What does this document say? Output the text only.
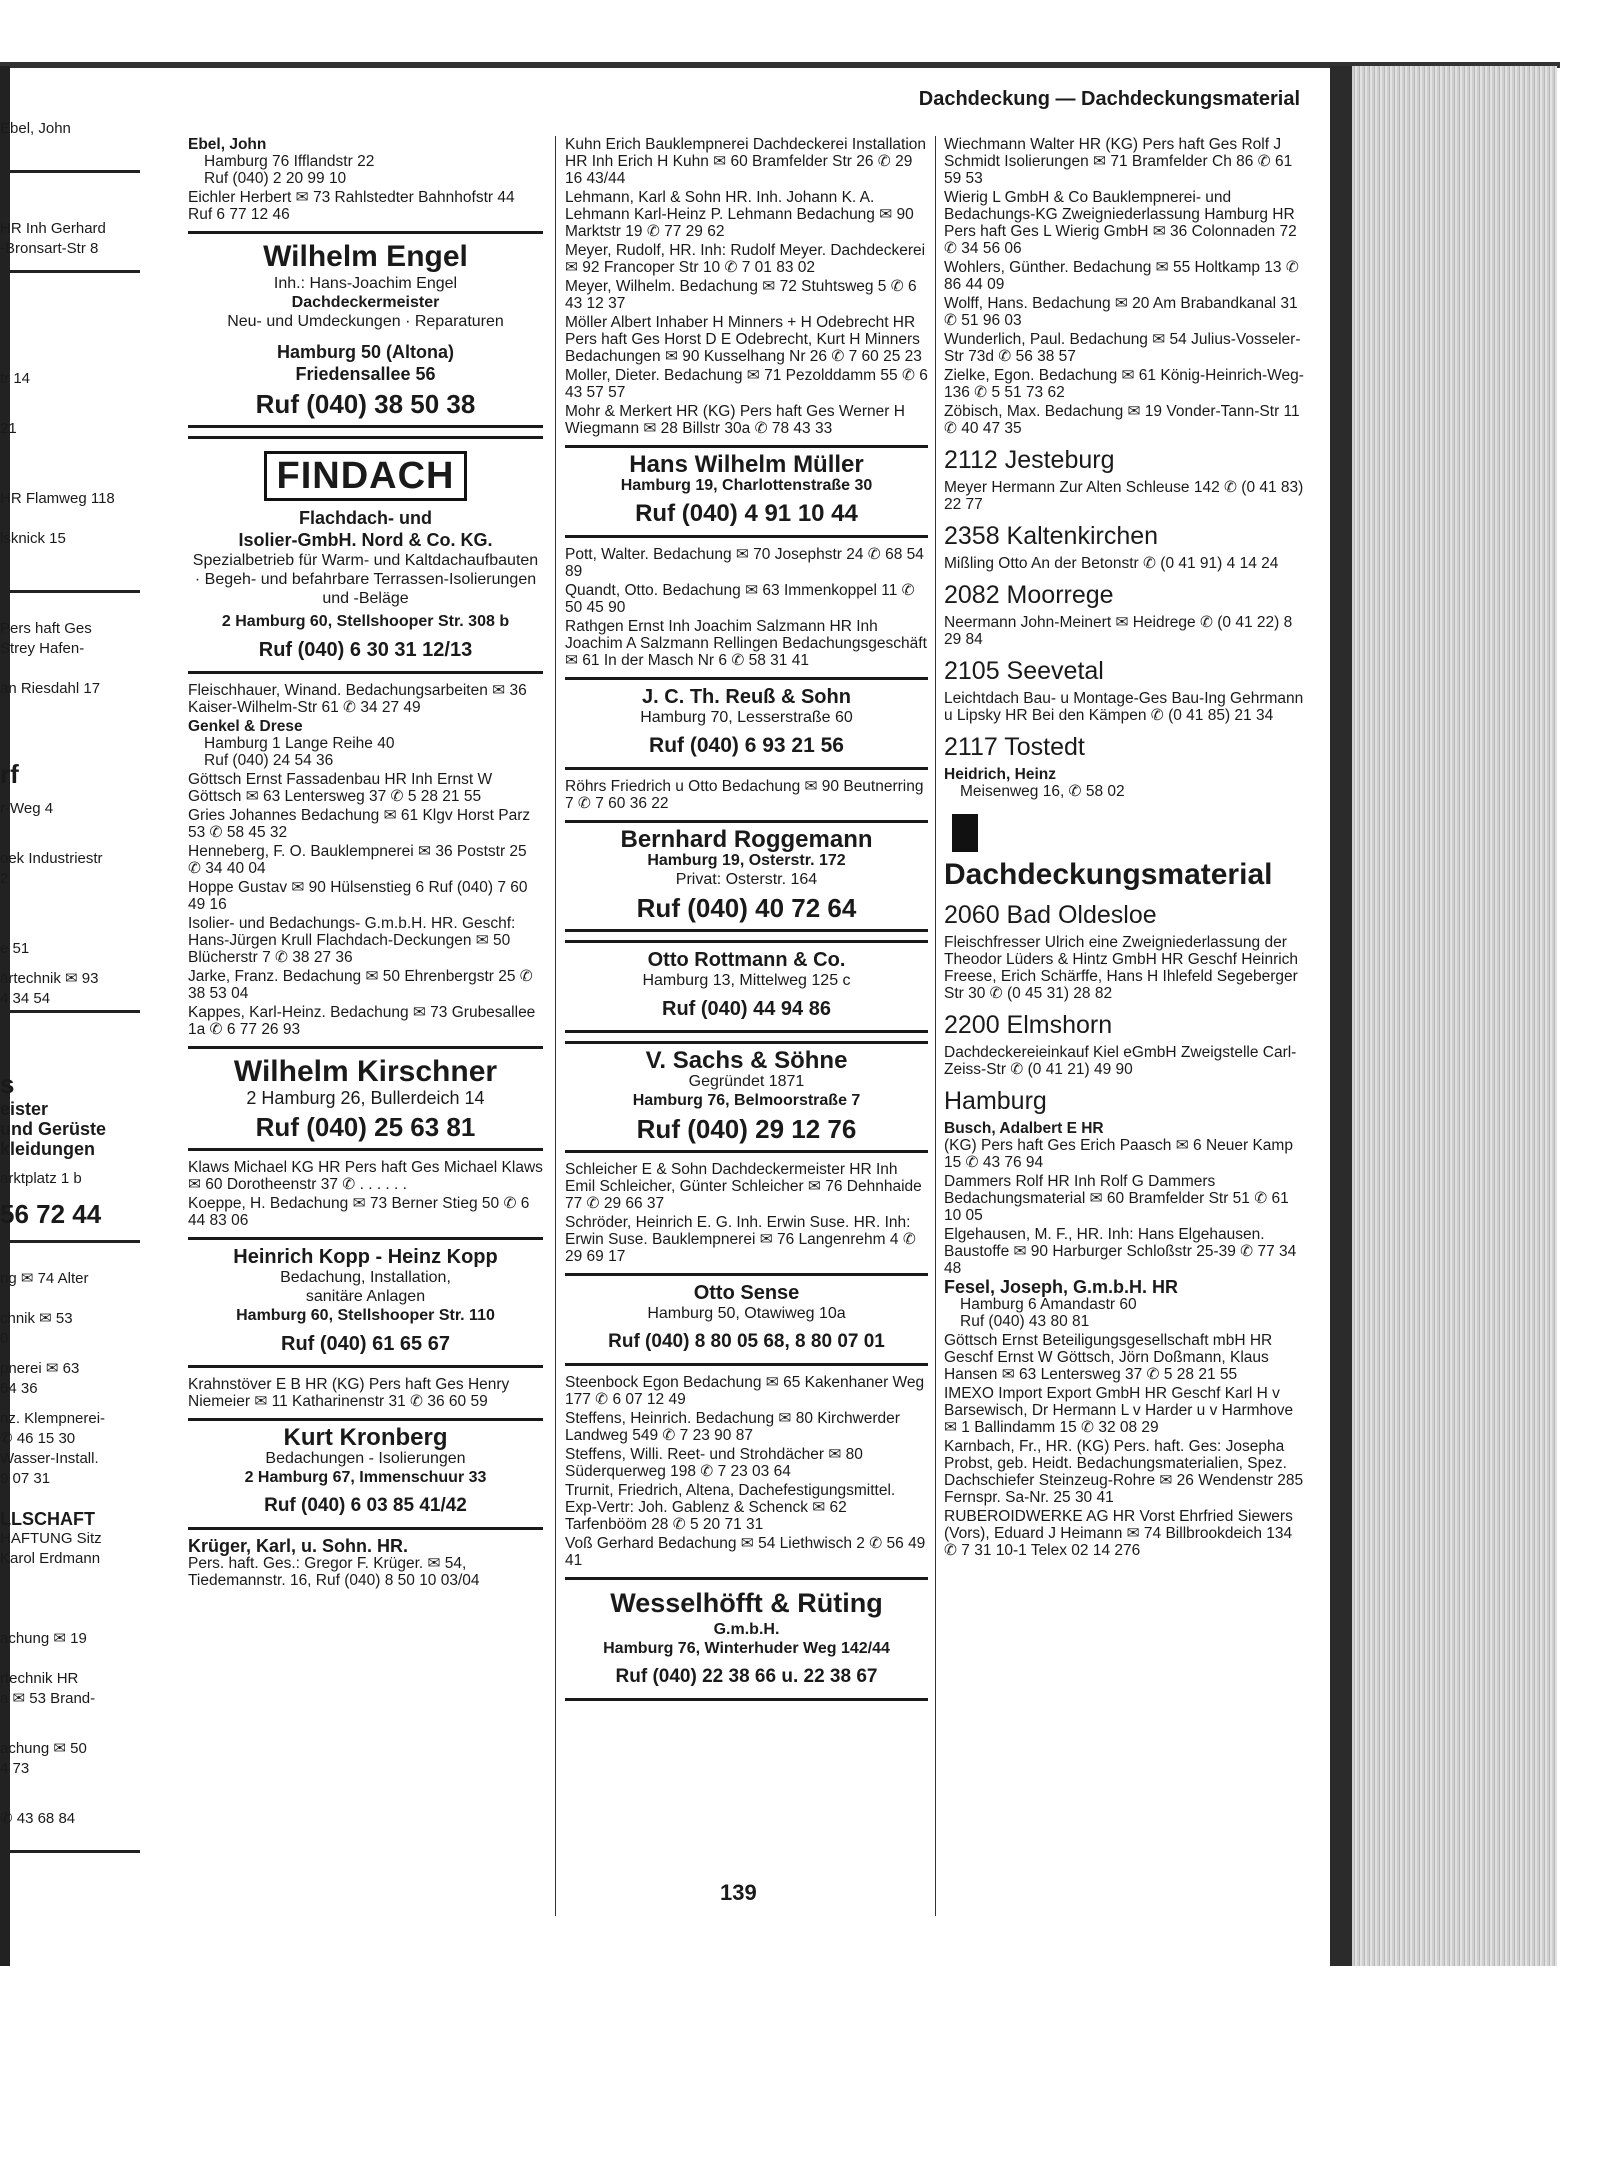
Ebel, John
HR Inh Gerhard
-Bronsart-Str 8
tr 14
21
HR Flamweg 118
lsknick 15
Pers haft Ges
Strey Hafen-
an Riesdahl 17
rf
r-Weg 4
oek Industriestr
2
e 51
ärtechnik ✉ 93
4 34 54
s
eister
und Gerüste
kleidungen
arktplatz 1 b
56 72 44
ng ✉ 74 Alter
chnik ✉ 53
0
pnerei ✉ 63
64 36
nz. Klempnerei-
✆ 46 15 30
Wasser-Install.
9 07 31
LLSCHAFT
HAFTUNG Sitz
Karol Erdmann
achung ✉ 19
rtechnik HR
a ✉ 53 Brand-
achung ✉ 50
4 73
✆ 43 68 84
Dachdeckung — Dachdeckungsmaterial
Ebel, John
Hamburg 76 Ifflandstr 22
Ruf (040) 2 20 99 10
Eichler Herbert ✉ 73 Rahlstedter Bahnhofstr 44
Ruf 6 77 12 46
Wilhelm Engel
Inh.: Hans-Joachim Engel
Dachdeckermeister
Neu- und Umdeckungen · Reparaturen
Hamburg 50 (Altona)
Friedensallee 56
Ruf (040) 38 50 38
FINDACH
Flachdach- und
Isolier-GmbH. Nord & Co. KG.
Spezialbetrieb für Warm- und Kaltdachaufbauten · Begeh- und befahrbare Terrassen-Isolierungen und -Beläge
2 Hamburg 60, Stellshooper Str. 308 b
Ruf (040) 6 30 31 12/13
Fleischhauer, Winand. Bedachungsarbeiten ✉ 36 Kaiser-Wilhelm-Str 61 ✆ 34 27 49
Genkel & Drese
Hamburg 1 Lange Reihe 40
Ruf (040) 24 54 36
Göttsch Ernst Fassadenbau HR Inh Ernst W Göttsch ✉ 63 Lentersweg 37 ✆ 5 28 21 55
Gries Johannes Bedachung ✉ 61 Klgv Horst Parz 53 ✆ 58 45 32
Henneberg, F. O. Bauklempnerei ✉ 36 Poststr 25 ✆ 34 40 04
Hoppe Gustav ✉ 90 Hülsenstieg 6 Ruf (040) 7 60 49 16
Isolier- und Bedachungs- G.m.b.H. HR. Geschf: Hans-Jürgen Krull Flachdach-Deckungen ✉ 50 Blücherstr 7 ✆ 38 27 36
Jarke, Franz. Bedachung ✉ 50 Ehrenbergstr 25 ✆ 38 53 04
Kappes, Karl-Heinz. Bedachung ✉ 73 Grubesallee 1a ✆ 6 77 26 93
Wilhelm Kirschner
2 Hamburg 26, Bullerdeich 14
Ruf (040) 25 63 81
Klaws Michael KG HR Pers haft Ges Michael Klaws ✉ 60 Dorotheenstr 37 ✆ . . . . . .
Koeppe, H. Bedachung ✉ 73 Berner Stieg 50 ✆ 6 44 83 06
Heinrich Kopp - Heinz Kopp
Bedachung, Installation,
sanitäre Anlagen
Hamburg 60, Stellshooper Str. 110
Ruf (040) 61 65 67
Krahnstöver E B HR (KG) Pers haft Ges Henry Niemeier ✉ 11 Katharinenstr 31 ✆ 36 60 59
Kurt Kronberg
Bedachungen - Isolierungen
2 Hamburg 67, Immenschuur 33
Ruf (040) 6 03 85 41/42
Krüger, Karl, u. Sohn. HR.
Pers. haft. Ges.: Gregor F. Krüger. ✉ 54, Tiedemannstr. 16, Ruf (040) 8 50 10 03/04
Kuhn Erich Bauklempnerei Dachdeckerei Installation HR Inh Erich H Kuhn ✉ 60 Bramfelder Str 26 ✆ 29 16 43/44
Lehmann, Karl & Sohn HR. Inh. Johann K. A. Lehmann Karl-Heinz P. Lehmann Bedachung ✉ 90 Marktstr 19 ✆ 77 29 62
Meyer, Rudolf, HR. Inh: Rudolf Meyer. Dachdeckerei ✉ 92 Francoper Str 10 ✆ 7 01 83 02
Meyer, Wilhelm. Bedachung ✉ 72 Stuhtsweg 5 ✆ 6 43 12 37
Möller Albert Inhaber H Minners + H Odebrecht HR Pers haft Ges Horst D E Odebrecht, Kurt H Minners Bedachungen ✉ 90 Kusselhang Nr 26 ✆ 7 60 25 23
Moller, Dieter. Bedachung ✉ 71 Pezolddamm 55 ✆ 6 43 57 57
Mohr & Merkert HR (KG) Pers haft Ges Werner H Wiegmann ✉ 28 Billstr 30a ✆ 78 43 33
Hans Wilhelm Müller
Hamburg 19, Charlottenstraße 30
Ruf (040) 4 91 10 44
Pott, Walter. Bedachung ✉ 70 Josephstr 24 ✆ 68 54 89
Quandt, Otto. Bedachung ✉ 63 Immenkoppel 11 ✆ 50 45 90
Rathgen Ernst Inh Joachim Salzmann HR Inh Joachim A Salzmann Rellingen Bedachungsgeschäft ✉ 61 In der Masch Nr 6 ✆ 58 31 41
J. C. Th. Reuß & Sohn
Hamburg 70, Lesserstraße 60
Ruf (040) 6 93 21 56
Röhrs Friedrich u Otto Bedachung ✉ 90 Beutnerring 7 ✆ 7 60 36 22
Bernhard Roggemann
Hamburg 19, Osterstr. 172
Privat: Osterstr. 164
Ruf (040) 40 72 64
Otto Rottmann & Co.
Hamburg 13, Mittelweg 125 c
Ruf (040) 44 94 86
V. Sachs & Söhne
Gegründet 1871
Hamburg 76, Belmoorstraße 7
Ruf (040) 29 12 76
Schleicher E & Sohn Dachdeckermeister HR Inh Emil Schleicher, Günter Schleicher ✉ 76 Dehnhaide 77 ✆ 29 66 37
Schröder, Heinrich E. G. Inh. Erwin Suse. HR. Inh: Erwin Suse. Bauklempnerei ✉ 76 Langenrehm 4 ✆ 29 69 17
Otto Sense
Hamburg 50, Otawiweg 10a
Ruf (040) 8 80 05 68, 8 80 07 01
Steenbock Egon Bedachung ✉ 65 Kakenhaner Weg 177 ✆ 6 07 12 49
Steffens, Heinrich. Bedachung ✉ 80 Kirchwerder Landweg 549 ✆ 7 23 90 87
Steffens, Willi. Reet- und Strohdächer ✉ 80 Süderquerweg 198 ✆ 7 23 03 64
Trurnit, Friedrich, Altena, Dachefestigungsmittel. Exp-Vertr: Joh. Gablenz & Schenck ✉ 62 Tarfenbööm 28 ✆ 5 20 71 31
Voß Gerhard Bedachung ✉ 54 Liethwisch 2 ✆ 56 49 41
Wesselhöfft & Rüting
G.m.b.H.
Hamburg 76, Winterhuder Weg 142/44
Ruf (040) 22 38 66 u. 22 38 67
Wiechmann Walter HR (KG) Pers haft Ges Rolf J Schmidt Isolierungen ✉ 71 Bramfelder Ch 86 ✆ 61 59 53
Wierig L GmbH & Co Bauklempnerei- und Bedachungs-KG Zweigniederlassung Hamburg HR Pers haft Ges L Wierig GmbH ✉ 36 Colonnaden 72 ✆ 34 56 06
Wohlers, Günther. Bedachung ✉ 55 Holtkamp 13 ✆ 86 44 09
Wolff, Hans. Bedachung ✉ 20 Am Brabandkanal 31 ✆ 51 96 03
Wunderlich, Paul. Bedachung ✉ 54 Julius-Vosseler-Str 73d ✆ 56 38 57
Zielke, Egon. Bedachung ✉ 61 König-Heinrich-Weg-136 ✆ 5 51 73 62
Zöbisch, Max. Bedachung ✉ 19 Vonder-Tann-Str 11 ✆ 40 47 35
2112 Jesteburg
Meyer Hermann Zur Alten Schleuse 142 ✆ (0 41 83) 22 77
2358 Kaltenkirchen
Mißling Otto An der Betonstr ✆ (0 41 91) 4 14 24
2082 Moorrege
Neermann John-Meinert ✉ Heidrege ✆ (0 41 22) 8 29 84
2105 Seevetal
Leichtdach Bau- u Montage-Ges Bau-Ing Gehrmann u Lipsky HR Bei den Kämpen ✆ (0 41 85) 21 34
2117 Tostedt
Heidrich, Heinz
Meisenweg 16, ✆ 58 02
Dachdeckungsmaterial
2060 Bad Oldesloe
Fleischfresser Ulrich eine Zweigniederlassung der Theodor Lüders & Hintz GmbH HR Geschf Heinrich Freese, Erich Schärffe, Hans H Ihlefeld Segeberger Str 30 ✆ (0 45 31) 28 82
2200 Elmshorn
Dachdeckereieinkauf Kiel eGmbH Zweigstelle Carl-Zeiss-Str ✆ (0 41 21) 49 90
Hamburg
Busch, Adalbert E HR
(KG) Pers haft Ges Erich Paasch ✉ 6 Neuer Kamp 15 ✆ 43 76 94
Dammers Rolf HR Inh Rolf G Dammers Bedachungsmaterial ✉ 60 Bramfelder Str 51 ✆ 61 10 05
Elgehausen, M. F., HR. Inh: Hans Elgehausen. Baustoffe ✉ 90 Harburger Schloßstr 25-39 ✆ 77 34 48
Fesel, Joseph, G.m.b.H. HR
Hamburg 6 Amandastr 60
Ruf (040) 43 80 81
Göttsch Ernst Beteiligungsgesellschaft mbH HR Geschf Ernst W Göttsch, Jörn Doßmann, Klaus Hansen ✉ 63 Lentersweg 37 ✆ 5 28 21 55
IMEXO Import Export GmbH HR Geschf Karl H v Barsewisch, Dr Hermann L v Harder u v Harmhove ✉ 1 Ballindamm 15 ✆ 32 08 29
Karnbach, Fr., HR. (KG) Pers. haft. Ges: Josepha Probst, geb. Heidt. Bedachungsmaterialien, Spez. Dachschiefer Steinzeug-Rohre ✉ 26 Wendenstr 285 Fernspr. Sa-Nr. 25 30 41
RUBEROIDWERKE AG HR Vorst Ehrfried Siewers (Vors), Eduard J Heimann ✉ 74 Billbrookdeich 134 ✆ 7 31 10-1 Telex 02 14 276
139
